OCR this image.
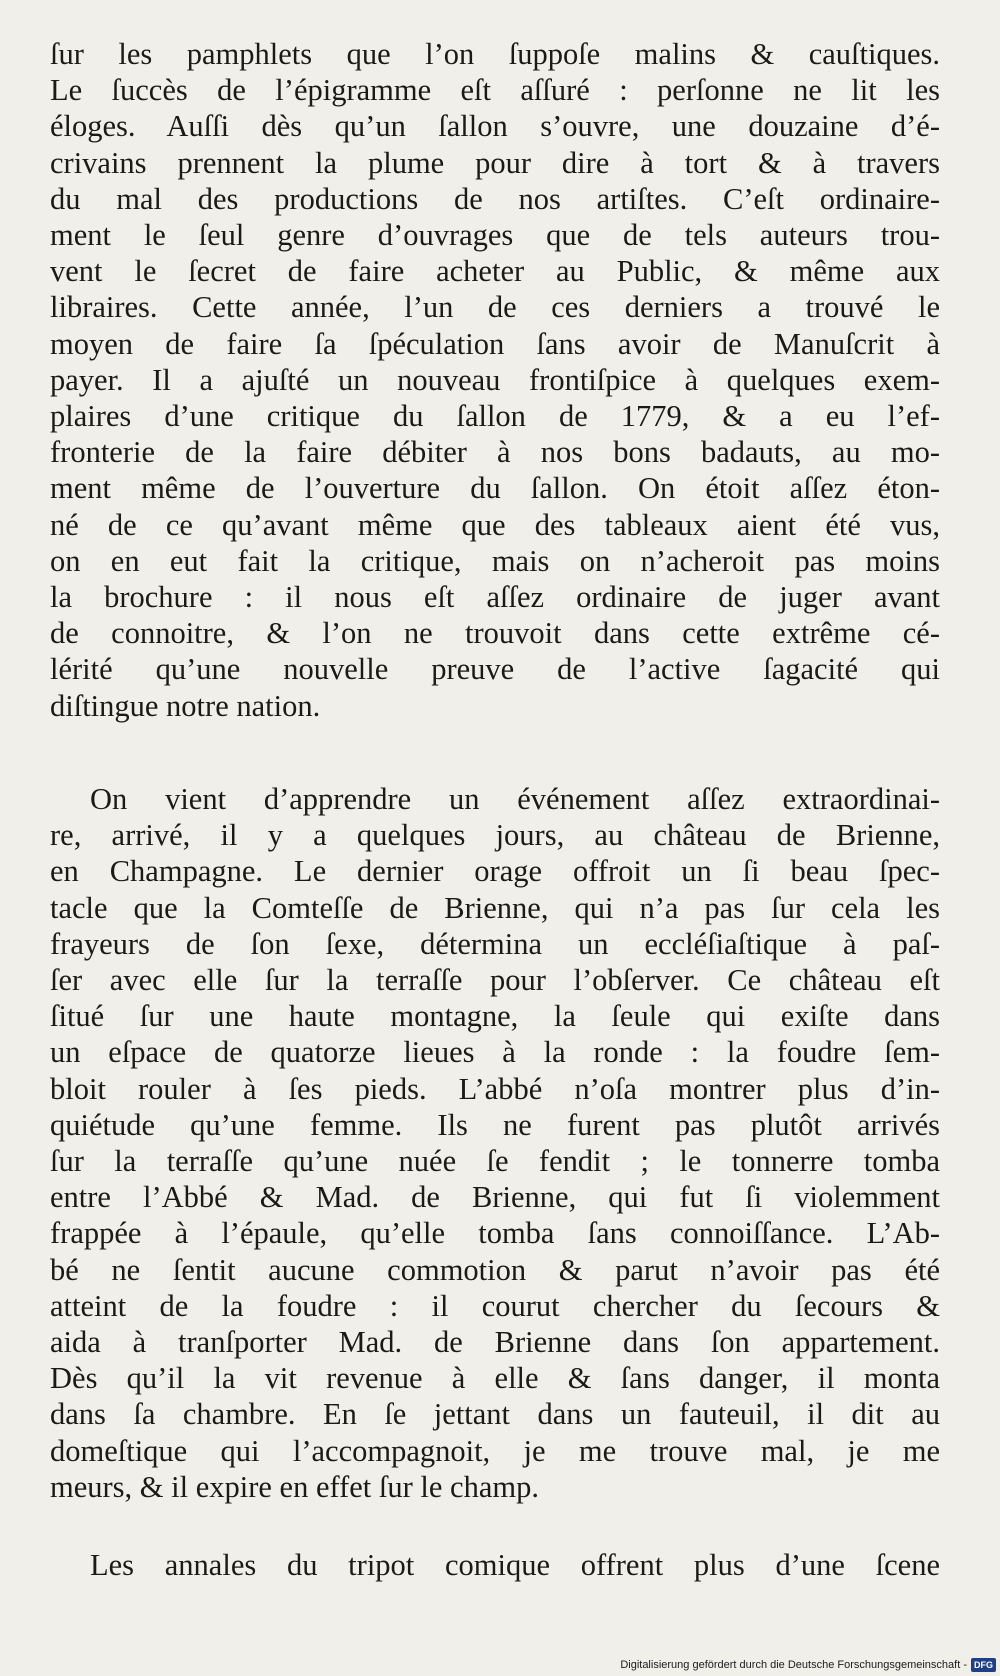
ſur les pamphlets que l’on ſuppoſe malins & cauſtiques.
Le ſuccès de l’épigramme eſt aſſuré : perſonne ne lit les
éloges. Auſſi dès qu’un ſallon s’ouvre, une douzaine d’é-
crivains prennent la plume pour dire à tort & à travers
du mal des productions de nos artiſtes. C’eſt ordinaire-
ment le ſeul genre d’ouvrages que de tels auteurs trou-
vent le ſecret de faire acheter au Public, & même aux
libraires. Cette année, l’un de ces derniers a trouvé le
moyen de faire ſa ſpéculation ſans avoir de Manuſcrit à
payer. Il a ajuſté un nouveau frontiſpice à quelques exem-
plaires d’une critique du ſallon de 1779, & a eu l’ef-
fronterie de la faire débiter à nos bons badauts, au mo-
ment même de l’ouverture du ſallon. On étoit aſſez éton-
né de ce qu’avant même que des tableaux aient été vus,
on en eut fait la critique, mais on n’acheroit pas moins
la brochure : il nous eſt aſſez ordinaire de juger avant
de connoitre, & l’on ne trouvoit dans cette extrême cé-
lérité qu’une nouvelle preuve de l’active ſagacité qui
diſtingue notre nation.
On vient d’apprendre un événement aſſez extraordinai-
re, arrivé, il y a quelques jours, au château de Brienne,
en Champagne. Le dernier orage offroit un ſi beau ſpec-
tacle que la Comteſſe de Brienne, qui n’a pas ſur cela les
frayeurs de ſon ſexe, détermina un eccléſiaſtique à paſ-
ſer avec elle ſur la terraſſe pour l’obſerver. Ce château eſt
ſitué ſur une haute montagne, la ſeule qui exiſte dans
un eſpace de quatorze lieues à la ronde : la foudre ſem-
bloit rouler à ſes pieds. L’abbé n’oſa montrer plus d’in-
quiétude qu’une femme. Ils ne furent pas plutôt arrivés
ſur la terraſſe qu’une nuée ſe fendit ; le tonnerre tomba
entre l’Abbé & Mad. de Brienne, qui fut ſi violemment
frappée à l’épaule, qu’elle tomba ſans connoiſſance. L’Ab-
bé ne ſentit aucune commotion & parut n’avoir pas été
atteint de la foudre : il courut chercher du ſecours &
aida à tranſporter Mad. de Brienne dans ſon appartement.
Dès qu’il la vit revenue à elle & ſans danger, il monta
dans ſa chambre. En ſe jettant dans un fauteuil, il dit au
domeſtique qui l’accompagnoit, je me trouve mal, je me
meurs, & il expire en effet ſur le champ.
Les annales du tripot comique offrent plus d’une ſcene
Digitalisierung gefördert durch die Deutsche Forschungsgemeinschaft - DFG
